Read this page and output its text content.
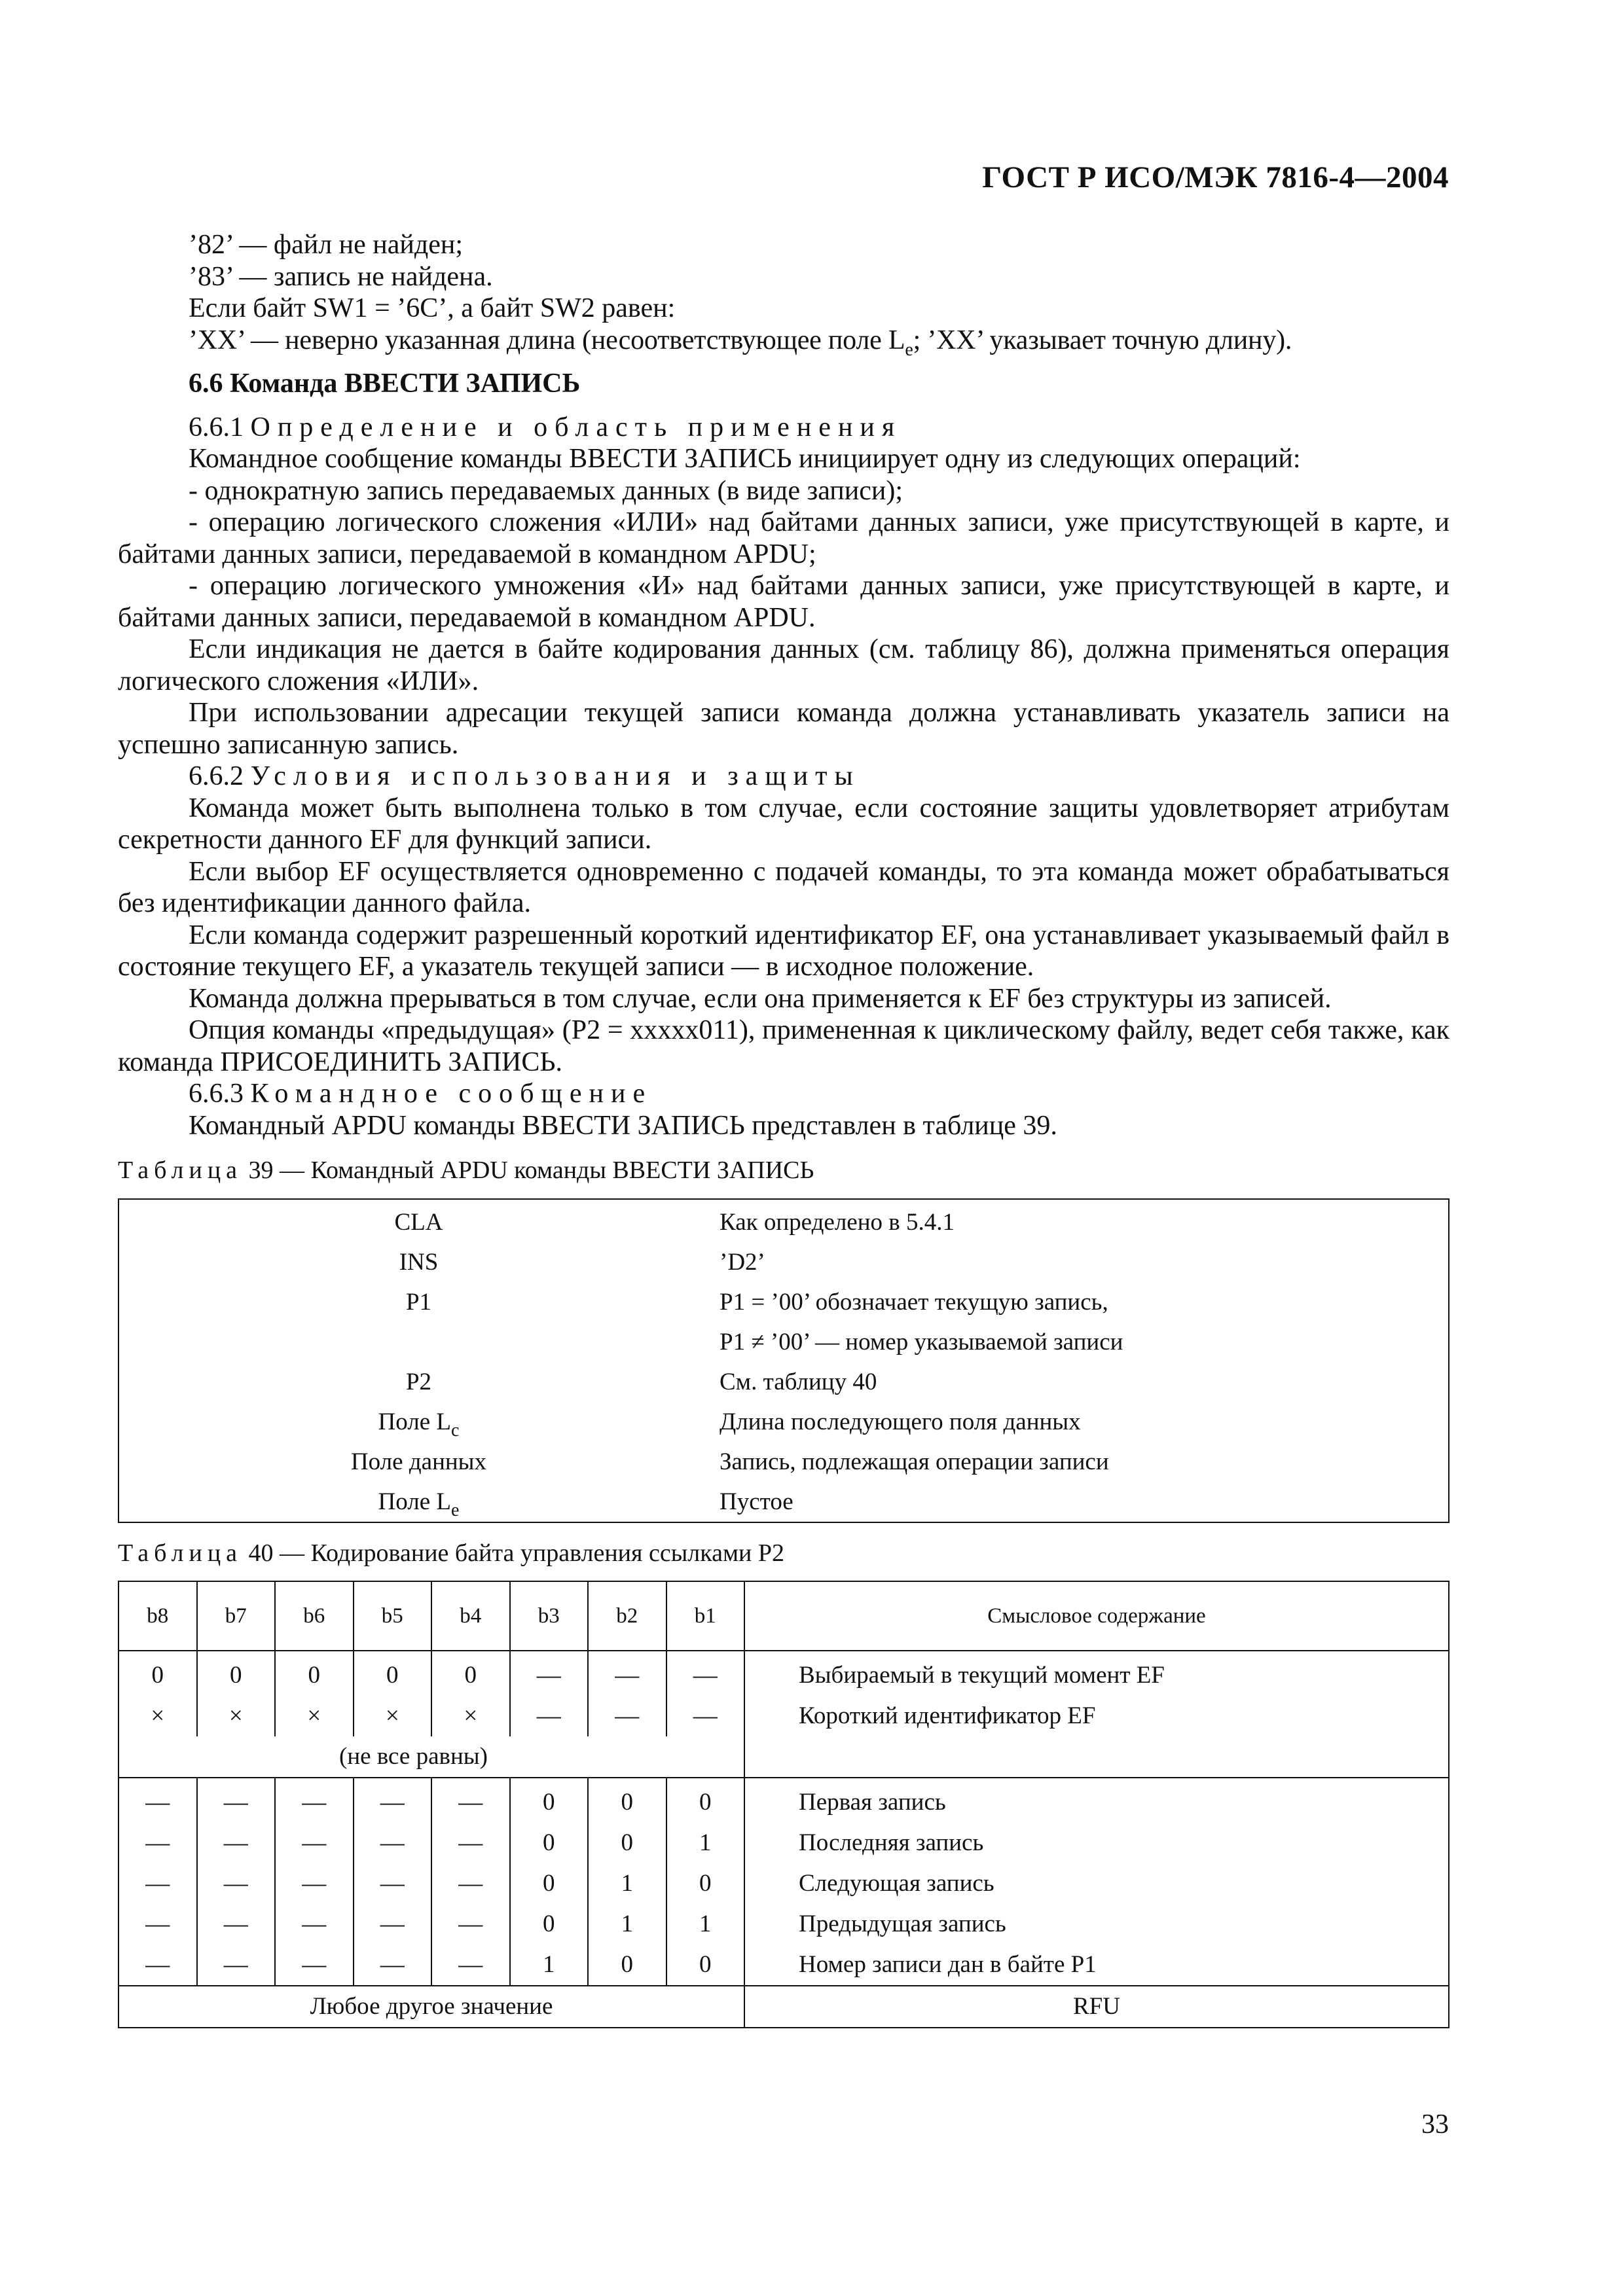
ГОСТ Р ИСО/МЭК 7816-4—2004

’82’ — файл не найден;

’83’ — запись не найдена.

Если байт SW1 = ’6С’, а байт SW2 равен:

’ХХ’ — неверно указанная длина (несоответствующее поле $L_e$; ’ХХ’ указывает точную длину).

6.6 Команда ВВЕСТИ ЗАПИСЬ

6.6.1 Определение и область применения

Командное сообщение команды ВВЕСТИ ЗАПИСЬ инициирует одну из следующих операций:

- однократную запись передаваемых данных (в виде записи);

- операцию логического сложения «ИЛИ» над байтами данных записи, уже присутствующей в карте, и байтами данных записи, передаваемой в командном APDU;

- операцию логического умножения «И» над байтами данных записи, уже присутствующей в карте, и байтами данных записи, передаваемой в командном APDU.

Если индикация не дается в байте кодирования данных (см. таблицу 86), должна применяться операция логического сложения «ИЛИ».

При использовании адресации текущей записи команда должна устанавливать указатель записи на успешно записанную запись.

6.6.2 Условия использования и защиты

Команда может быть выполнена только в том случае, если состояние защиты удовлетворяет атрибутам секретности данного EF для функций записи.

Если выбор EF осуществляется одновременно с подачей команды, то эта команда может обрабатываться без идентификации данного файла.

Если команда содержит разрешенный короткий идентификатор EF, она устанавливает указываемый файл в состояние текущего EF, а указатель текущей записи — в исходное положение.

Команда должна прерываться в том случае, если она применяется к EF без структуры из записей.

Опция команды «предыдущая» (Р2 = ххххх011), примененная к циклическому файлу, ведет себя также, как команда ПРИСОЕДИНИТЬ ЗАПИСЬ.

6.6.3 Командное сообщение

Командный APDU команды ВВЕСТИ ЗАПИСЬ представлен в таблице 39.

Таблица 39 — Командный APDU команды ВВЕСТИ ЗАПИСЬ

CLA	Как определено в 5.4.1
INS	’D2’
P1	P1 = ’00’ обозначает текущую запись,
	P1 ≠ ’00’ — номер указываемой записи
P2	См. таблицу 40
Поле $L_c$	Длина последующего поля данных
Поле данных	Запись, подлежащая операции записи
Поле $L_e$	Пустое

Таблица 40 — Кодирование байта управления ссылками Р2

b8	b7	b6	b5	b4	b3	b2	b1	Смысловое содержание
0	0	0	0	0	—	—	—	Выбираемый в текущий момент EF
×	×	×	×	×	—	—	—	Короткий идентификатор EF
(не все равны)								
—	—	—	—	—	0	0	0	Первая запись
—	—	—	—	—	0	0	1	Последняя запись
—	—	—	—	—	0	1	0	Следующая запись
—	—	—	—	—	0	1	1	Предыдущая запись
—	—	—	—	—	1	0	0	Номер записи дан в байте Р1
Любое другое значение								RFU
33
